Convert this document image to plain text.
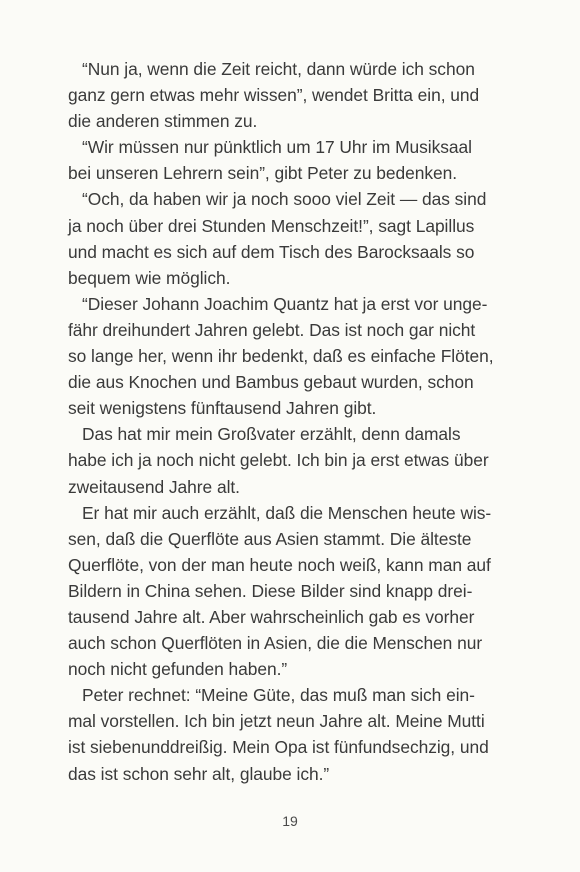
“Nun ja, wenn die Zeit reicht, dann würde ich schon
ganz gern etwas mehr wissen”, wendet Britta ein, und
die anderen stimmen zu.
“Wir müssen nur pünktlich um 17 Uhr im Musiksaal
bei unseren Lehrern sein”, gibt Peter zu bedenken.
“Och, da haben wir ja noch sooo viel Zeit — das sind
ja noch über drei Stunden Menschzeit!”, sagt Lapillus
und macht es sich auf dem Tisch des Barocksaals so
bequem wie möglich.
“Dieser Johann Joachim Quantz hat ja erst vor unge-
fähr dreihundert Jahren gelebt. Das ist noch gar nicht
so lange her, wenn ihr bedenkt, daß es einfache Flöten,
die aus Knochen und Bambus gebaut wurden, schon
seit wenigstens fünftausend Jahren gibt.
Das hat mir mein Großvater erzählt, denn damals
habe ich ja noch nicht gelebt. Ich bin ja erst etwas über
zweitausend Jahre alt.
Er hat mir auch erzählt, daß die Menschen heute wis-
sen, daß die Querflöte aus Asien stammt. Die älteste
Querflöte, von der man heute noch weiß, kann man auf
Bildern in China sehen. Diese Bilder sind knapp drei-
tausend Jahre alt. Aber wahrscheinlich gab es vorher
auch schon Querflöten in Asien, die die Menschen nur
noch nicht gefunden haben.”
Peter rechnet: “Meine Güte, das muß man sich ein-
mal vorstellen. Ich bin jetzt neun Jahre alt. Meine Mutti
ist siebenunddreißig. Mein Opa ist fünfundsechzig, und
das ist schon sehr alt, glaube ich.”
19
